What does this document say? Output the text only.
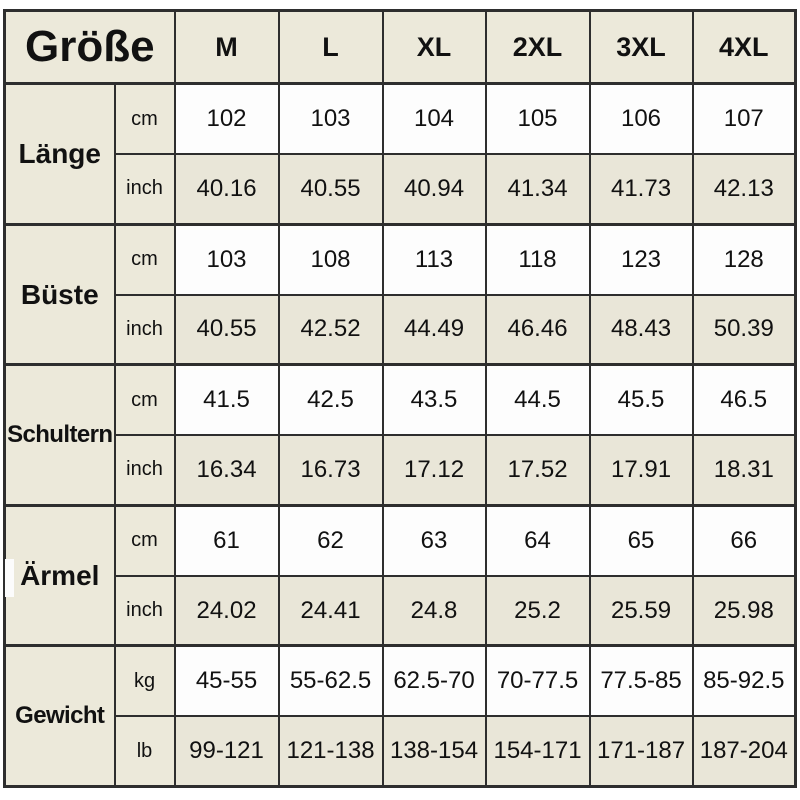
Größe		M	L	XL	2XL	3XL	4XL
Länge	cm	102	103	104	105	106	107
	inch	40.16	40.55	40.94	41.34	41.73	42.13
Büste	cm	103	108	113	118	123	128
	inch	40.55	42.52	44.49	46.46	48.43	50.39
Schultern	cm	41.5	42.5	43.5	44.5	45.5	46.5
	inch	16.34	16.73	17.12	17.52	17.91	18.31
Ärmel	cm	61	62	63	64	65	66
	inch	24.02	24.41	24.8	25.2	25.59	25.98
Gewicht	kg	45-55	55-62.5	62.5-70	70-77.5	77.5-85	85-92.5
	lb	99-121	121-138	138-154	154-171	171-187	187-204
